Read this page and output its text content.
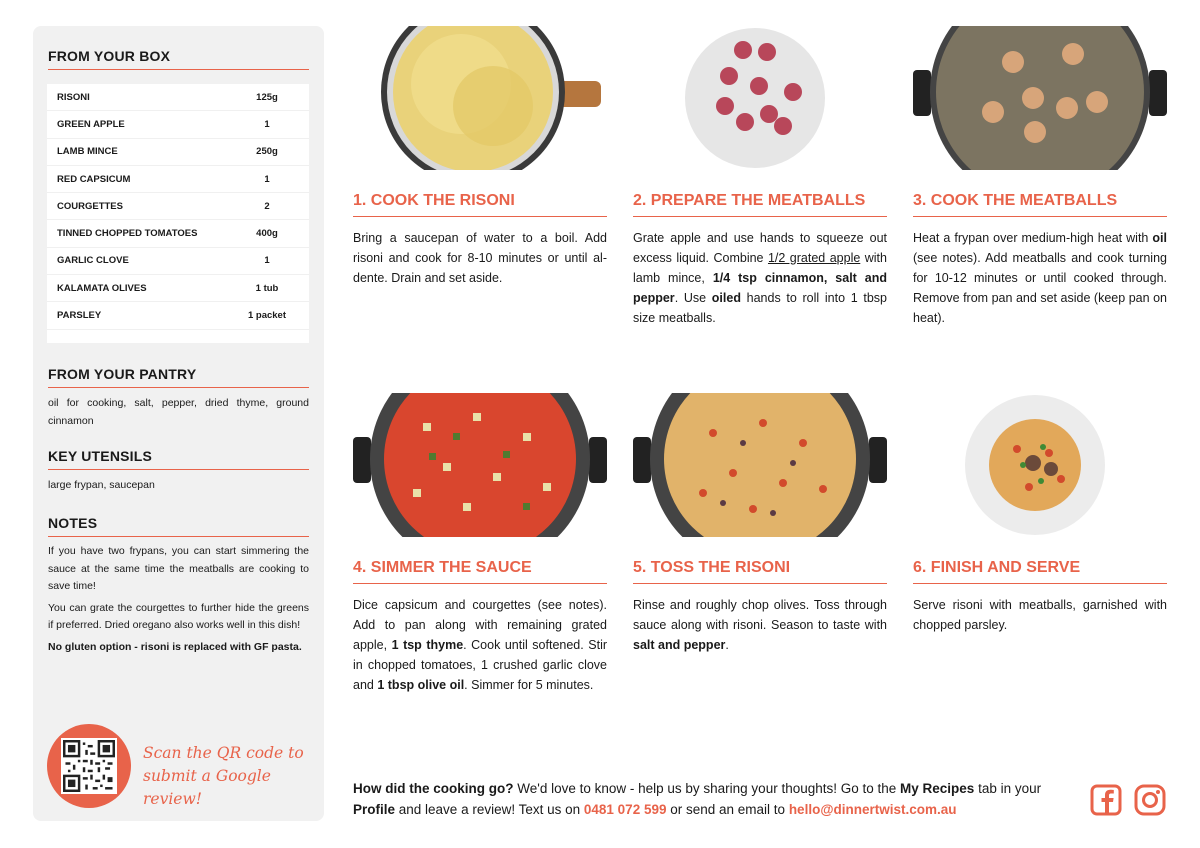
FROM YOUR BOX
RISONI	125g
GREEN APPLE	1
LAMB MINCE	250g
RED CAPSICUM	1
COURGETTES	2
TINNED CHOPPED TOMATOES	400g
GARLIC CLOVE	1
KALAMATA OLIVES	1 tub
PARSLEY	1 packet
FROM YOUR PANTRY
oil for cooking, salt, pepper, dried thyme, ground cinnamon
KEY UTENSILS
large frypan, saucepan
NOTES

If you have two frypans, you can start simmering the sauce at the same time the meatballs are cooking to save time!

You can grate the courgettes to further hide the greens if preferred. Dried oregano also works well in this dish!

No gluten option - risoni is replaced with GF pasta.

Scan the QR code to
submit a Google review!
1. COOK THE RISONI
Bring a saucepan of water to a boil. Add risoni and cook for 8-10 minutes or until al-dente. Drain and set aside.
2. PREPARE THE MEATBALLS
Grate apple and use hands to squeeze out excess liquid. Combine 1/2 grated apple with lamb mince, 1/4 tsp cinnamon, salt and pepper. Use oiled hands to roll into 1 tbsp size meatballs.
3. COOK THE MEATBALLS
Heat a frypan over medium-high heat with oil (see notes). Add meatballs and cook turning for 10-12 minutes or until cooked through. Remove from pan and set aside (keep pan on heat).
4. SIMMER THE SAUCE
Dice capsicum and courgettes (see notes). Add to pan along with remaining grated apple, 1 tsp thyme. Cook until softened. Stir in chopped tomatoes, 1 crushed garlic clove and 1 tbsp olive oil. Simmer for 5 minutes.
5. TOSS THE RISONI
Rinse and roughly chop olives. Toss through sauce along with risoni. Season to taste with salt and pepper.
6. FINISH AND SERVE
Serve risoni with meatballs, garnished with chopped parsley.
How did the cooking go? We'd love to know - help us by sharing your thoughts! Go to the My Recipes tab in your Profile and leave a review! Text us on 0481 072 599 or send an email to hello@dinnertwist.com.au
